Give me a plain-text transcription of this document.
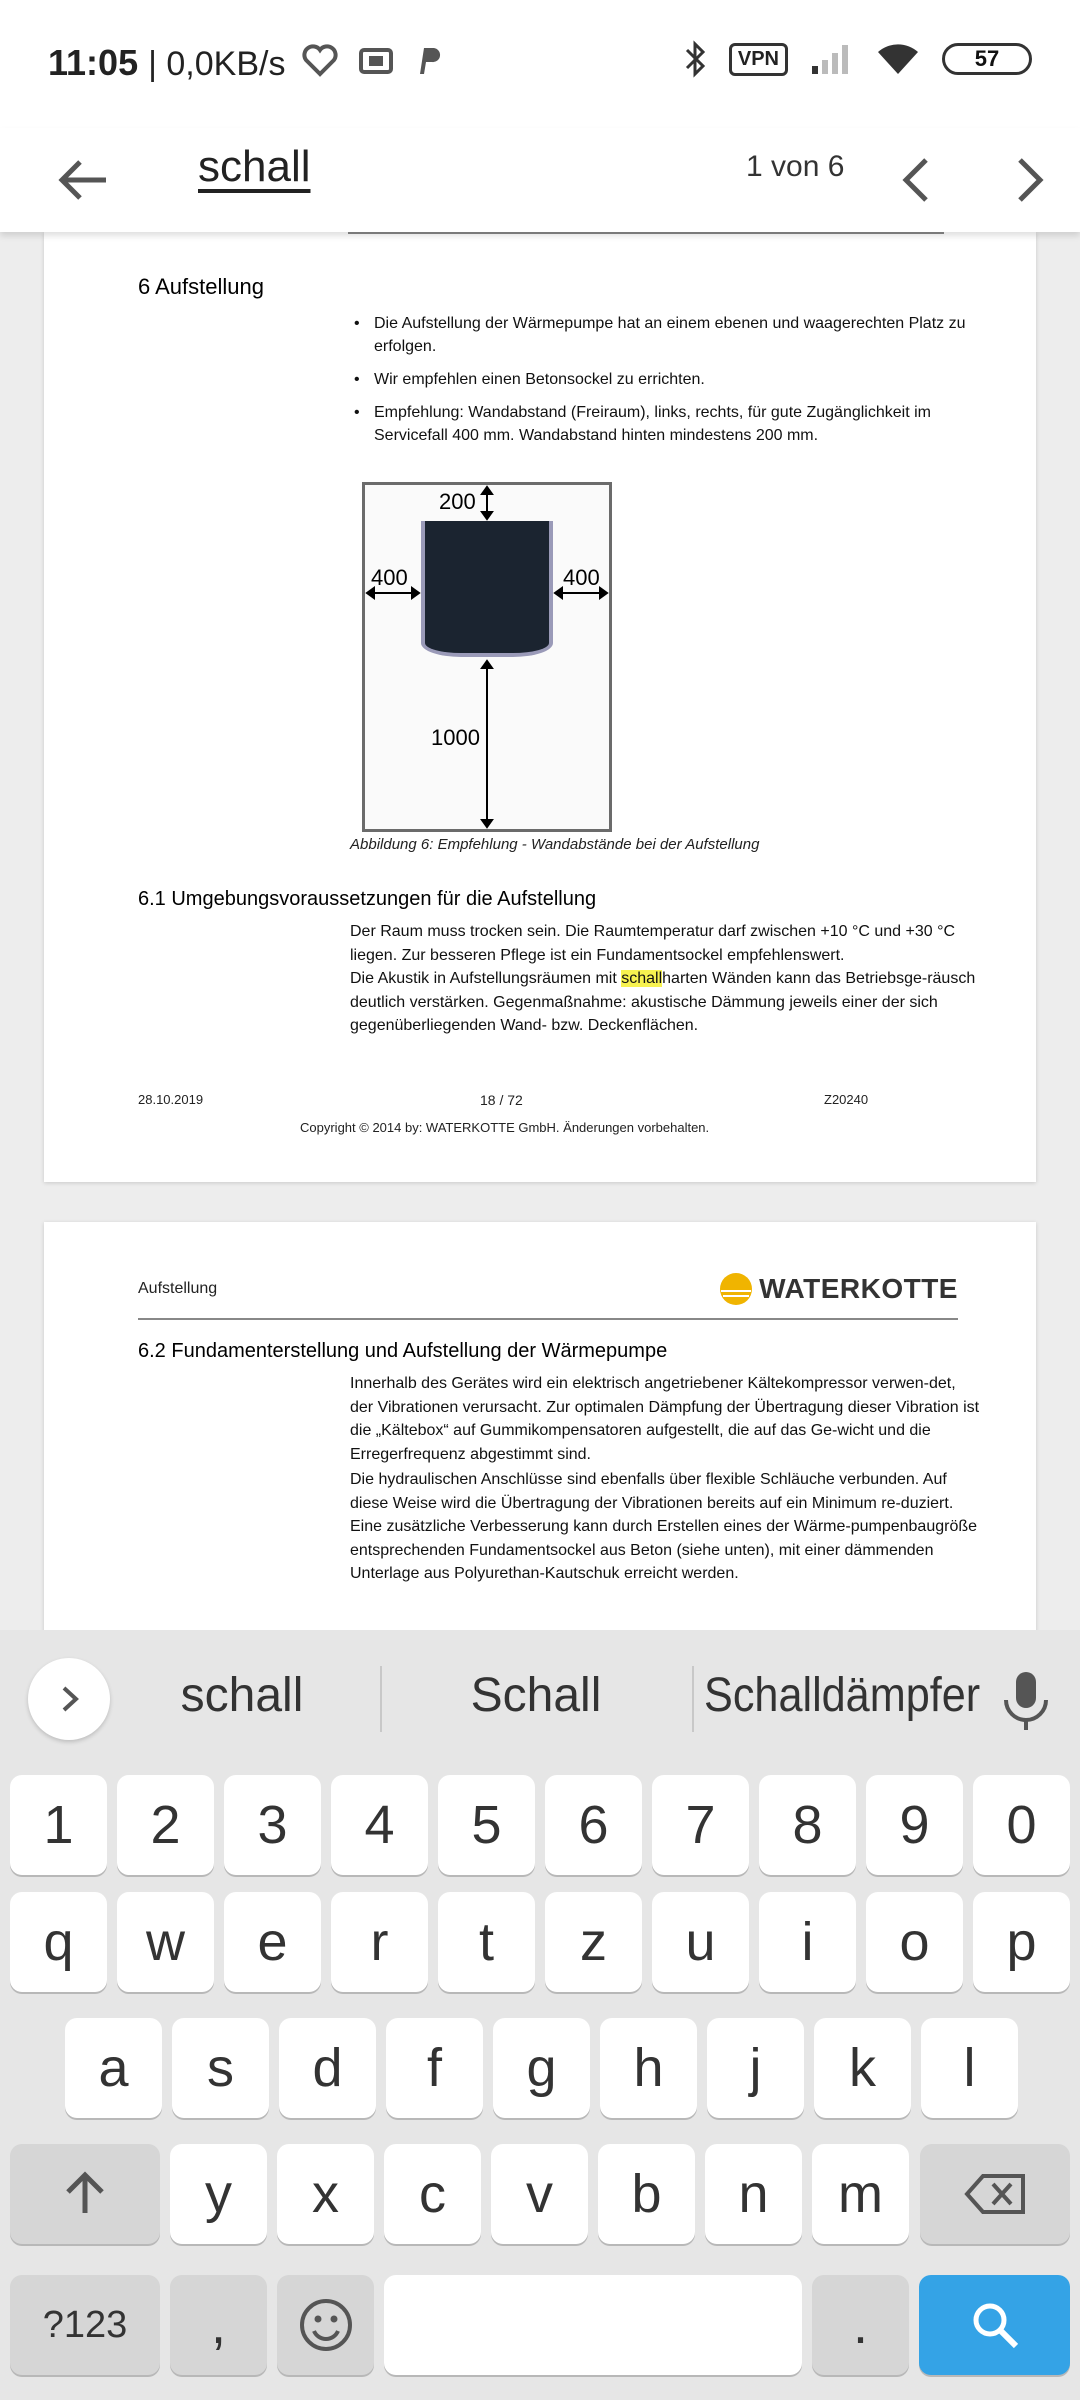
11:05 | 0,0KB/s	VPN	57
schall	1 von 6
6 Aufstellung
• Die Aufstellung der Wärmepumpe hat an einem ebenen und waagerechten Platz zu erfolgen.
• Wir empfehlen einen Betonsockel zu errichten.
• Empfehlung: Wandabstand (Freiraum), links, rechts, für gute Zugänglichkeit im Servicefall 400 mm. Wandabstand hinten mindestens 200 mm.
200
400	400
1000
Abbildung 6: Empfehlung - Wandabstände bei der Aufstellung
6.1 Umgebungsvoraussetzungen für die Aufstellung

Der Raum muss trocken sein. Die Raumtemperatur darf zwischen +10 °C und +30 °C liegen. Zur besseren Pflege ist ein Fundamentsockel empfehlenswert.
Die Akustik in Aufstellungsräumen mit schallharten Wänden kann das Betriebsge-räusch deutlich verstärken. Gegenmaßnahme: akustische Dämmung jeweils einer der sich gegenüberliegenden Wand- bzw. Deckenflächen.

28.10.2019	18 / 72	Z20240
Copyright © 2014 by: WATERKOTTE GmbH. Änderungen vorbehalten.
Aufstellung	WATERKOTTE
6.2 Fundamenterstellung und Aufstellung der Wärmepumpe

Innerhalb des Gerätes wird ein elektrisch angetriebener Kältekompressor verwen-det, der Vibrationen verursacht. Zur optimalen Dämpfung der Übertragung dieser Vibration ist die „Kältebox“ auf Gummikompensatoren aufgestellt, die auf das Ge-wicht und die Erregerfrequenz abgestimmt sind.

Die hydraulischen Anschlüsse sind ebenfalls über flexible Schläuche verbunden. Auf diese Weise wird die Übertragung der Vibrationen bereits auf ein Minimum re-duziert. Eine zusätzliche Verbesserung kann durch Erstellen eines der Wärme-pumpenbaugröße entsprechenden Fundamentsockel aus Beton (siehe unten), mit einer dämmenden Unterlage aus Polyurethan-Kautschuk erreicht werden.

schall	Schall	Schalldämpfer
1	2	3	4	5	6	7	8	9	0
q	w	e	r	t	z	u	i	o	p
a	s	d	f	g	h	j	k	l
y	x	c	v	b	n	m
?123	,	.
